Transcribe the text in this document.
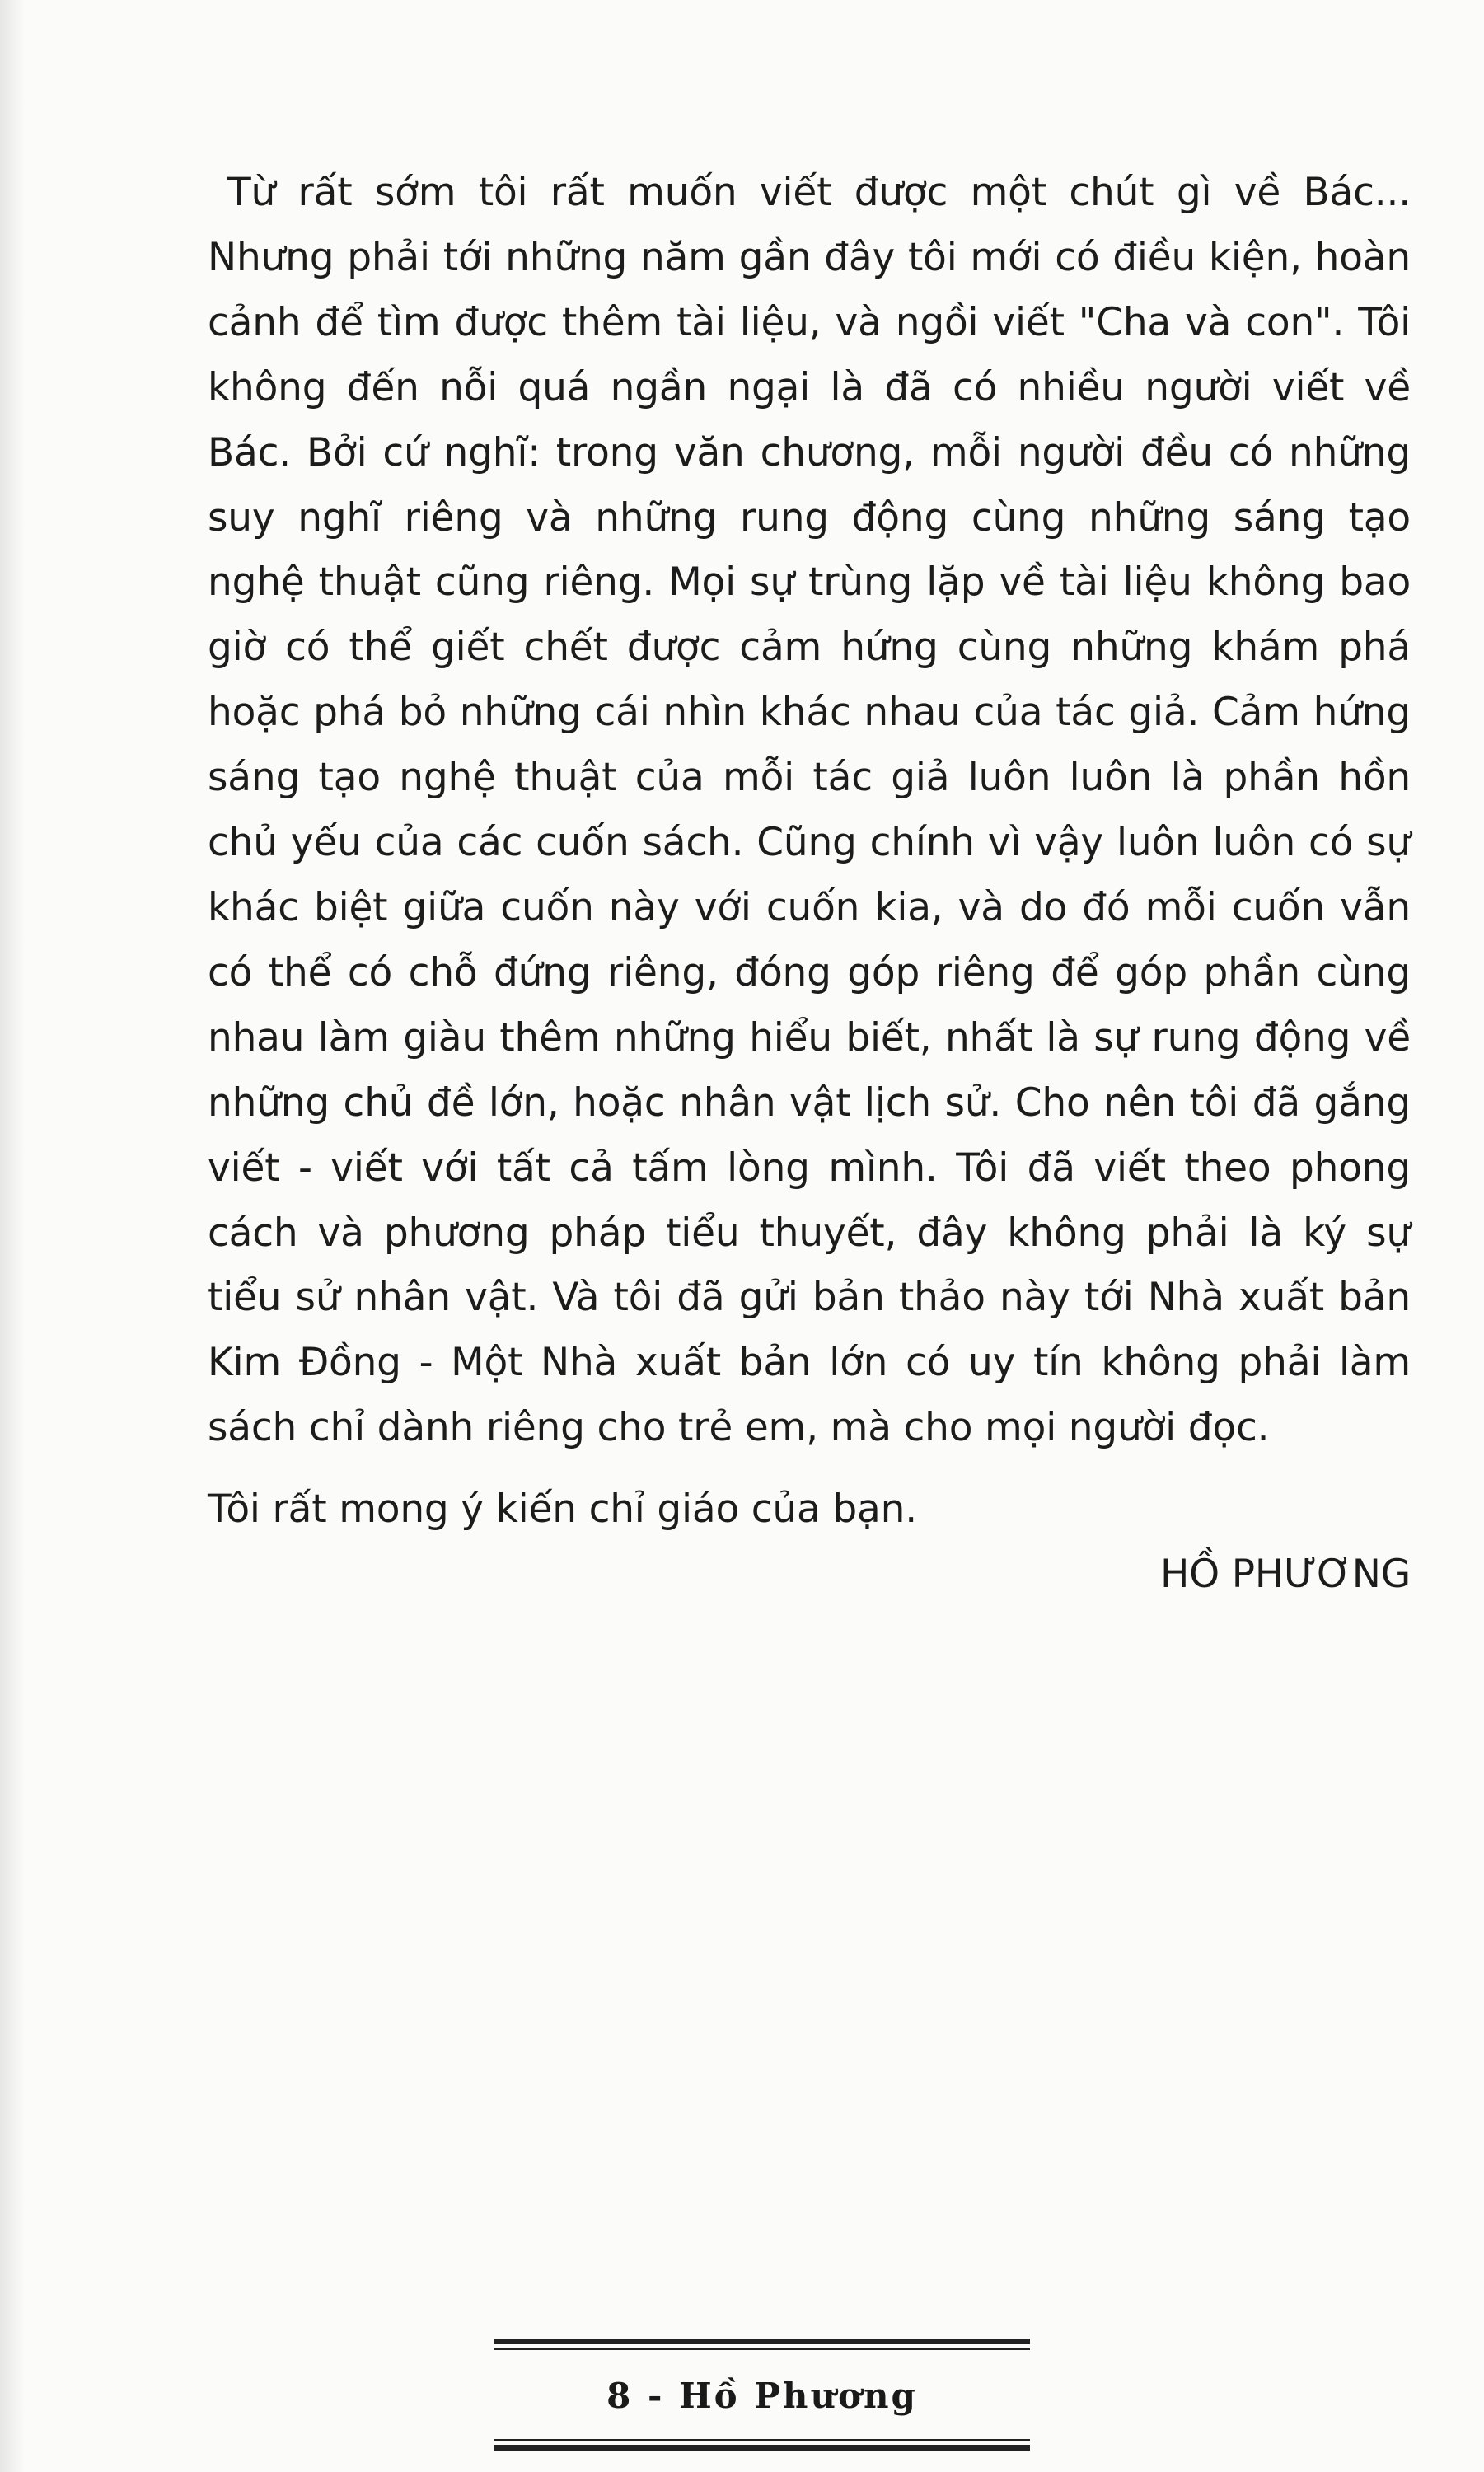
Từ rất sớm tôi rất muốn viết được một chút gì về Bác... Nhưng phải tới những năm gần đây tôi mới có điều kiện, hoàn cảnh để tìm được thêm tài liệu, và ngồi viết "Cha và con". Tôi không đến nỗi quá ngần ngại là đã có nhiều người viết về Bác. Bởi cứ nghĩ: trong văn chương, mỗi người đều có những suy nghĩ riêng và những rung động cùng những sáng tạo nghệ thuật cũng riêng. Mọi sự trùng lặp về tài liệu không bao giờ có thể giết chết được cảm hứng cùng những khám phá hoặc phá bỏ những cái nhìn khác nhau của tác giả. Cảm hứng sáng tạo nghệ thuật của mỗi tác giả luôn luôn là phần hồn chủ yếu của các cuốn sách. Cũng chính vì vậy luôn luôn có sự khác biệt giữa cuốn này với cuốn kia, và do đó mỗi cuốn vẫn có thể có chỗ đứng riêng, đóng góp riêng để góp phần cùng nhau làm giàu thêm những hiểu biết, nhất là sự rung động về những chủ đề lớn, hoặc nhân vật lịch sử. Cho nên tôi đã gắng viết - viết với tất cả tấm lòng mình. Tôi đã viết theo phong cách và phương pháp tiểu thuyết, đây không phải là ký sự tiểu sử nhân vật. Và tôi đã gửi bản thảo này tới Nhà xuất bản Kim Đồng - Một Nhà xuất bản lớn có uy tín không phải làm sách chỉ dành riêng cho trẻ em, mà cho mọi người đọc.

Tôi rất mong ý kiến chỉ giáo của bạn.

HỒ PHƯƠNG

8 - Hồ Phương
